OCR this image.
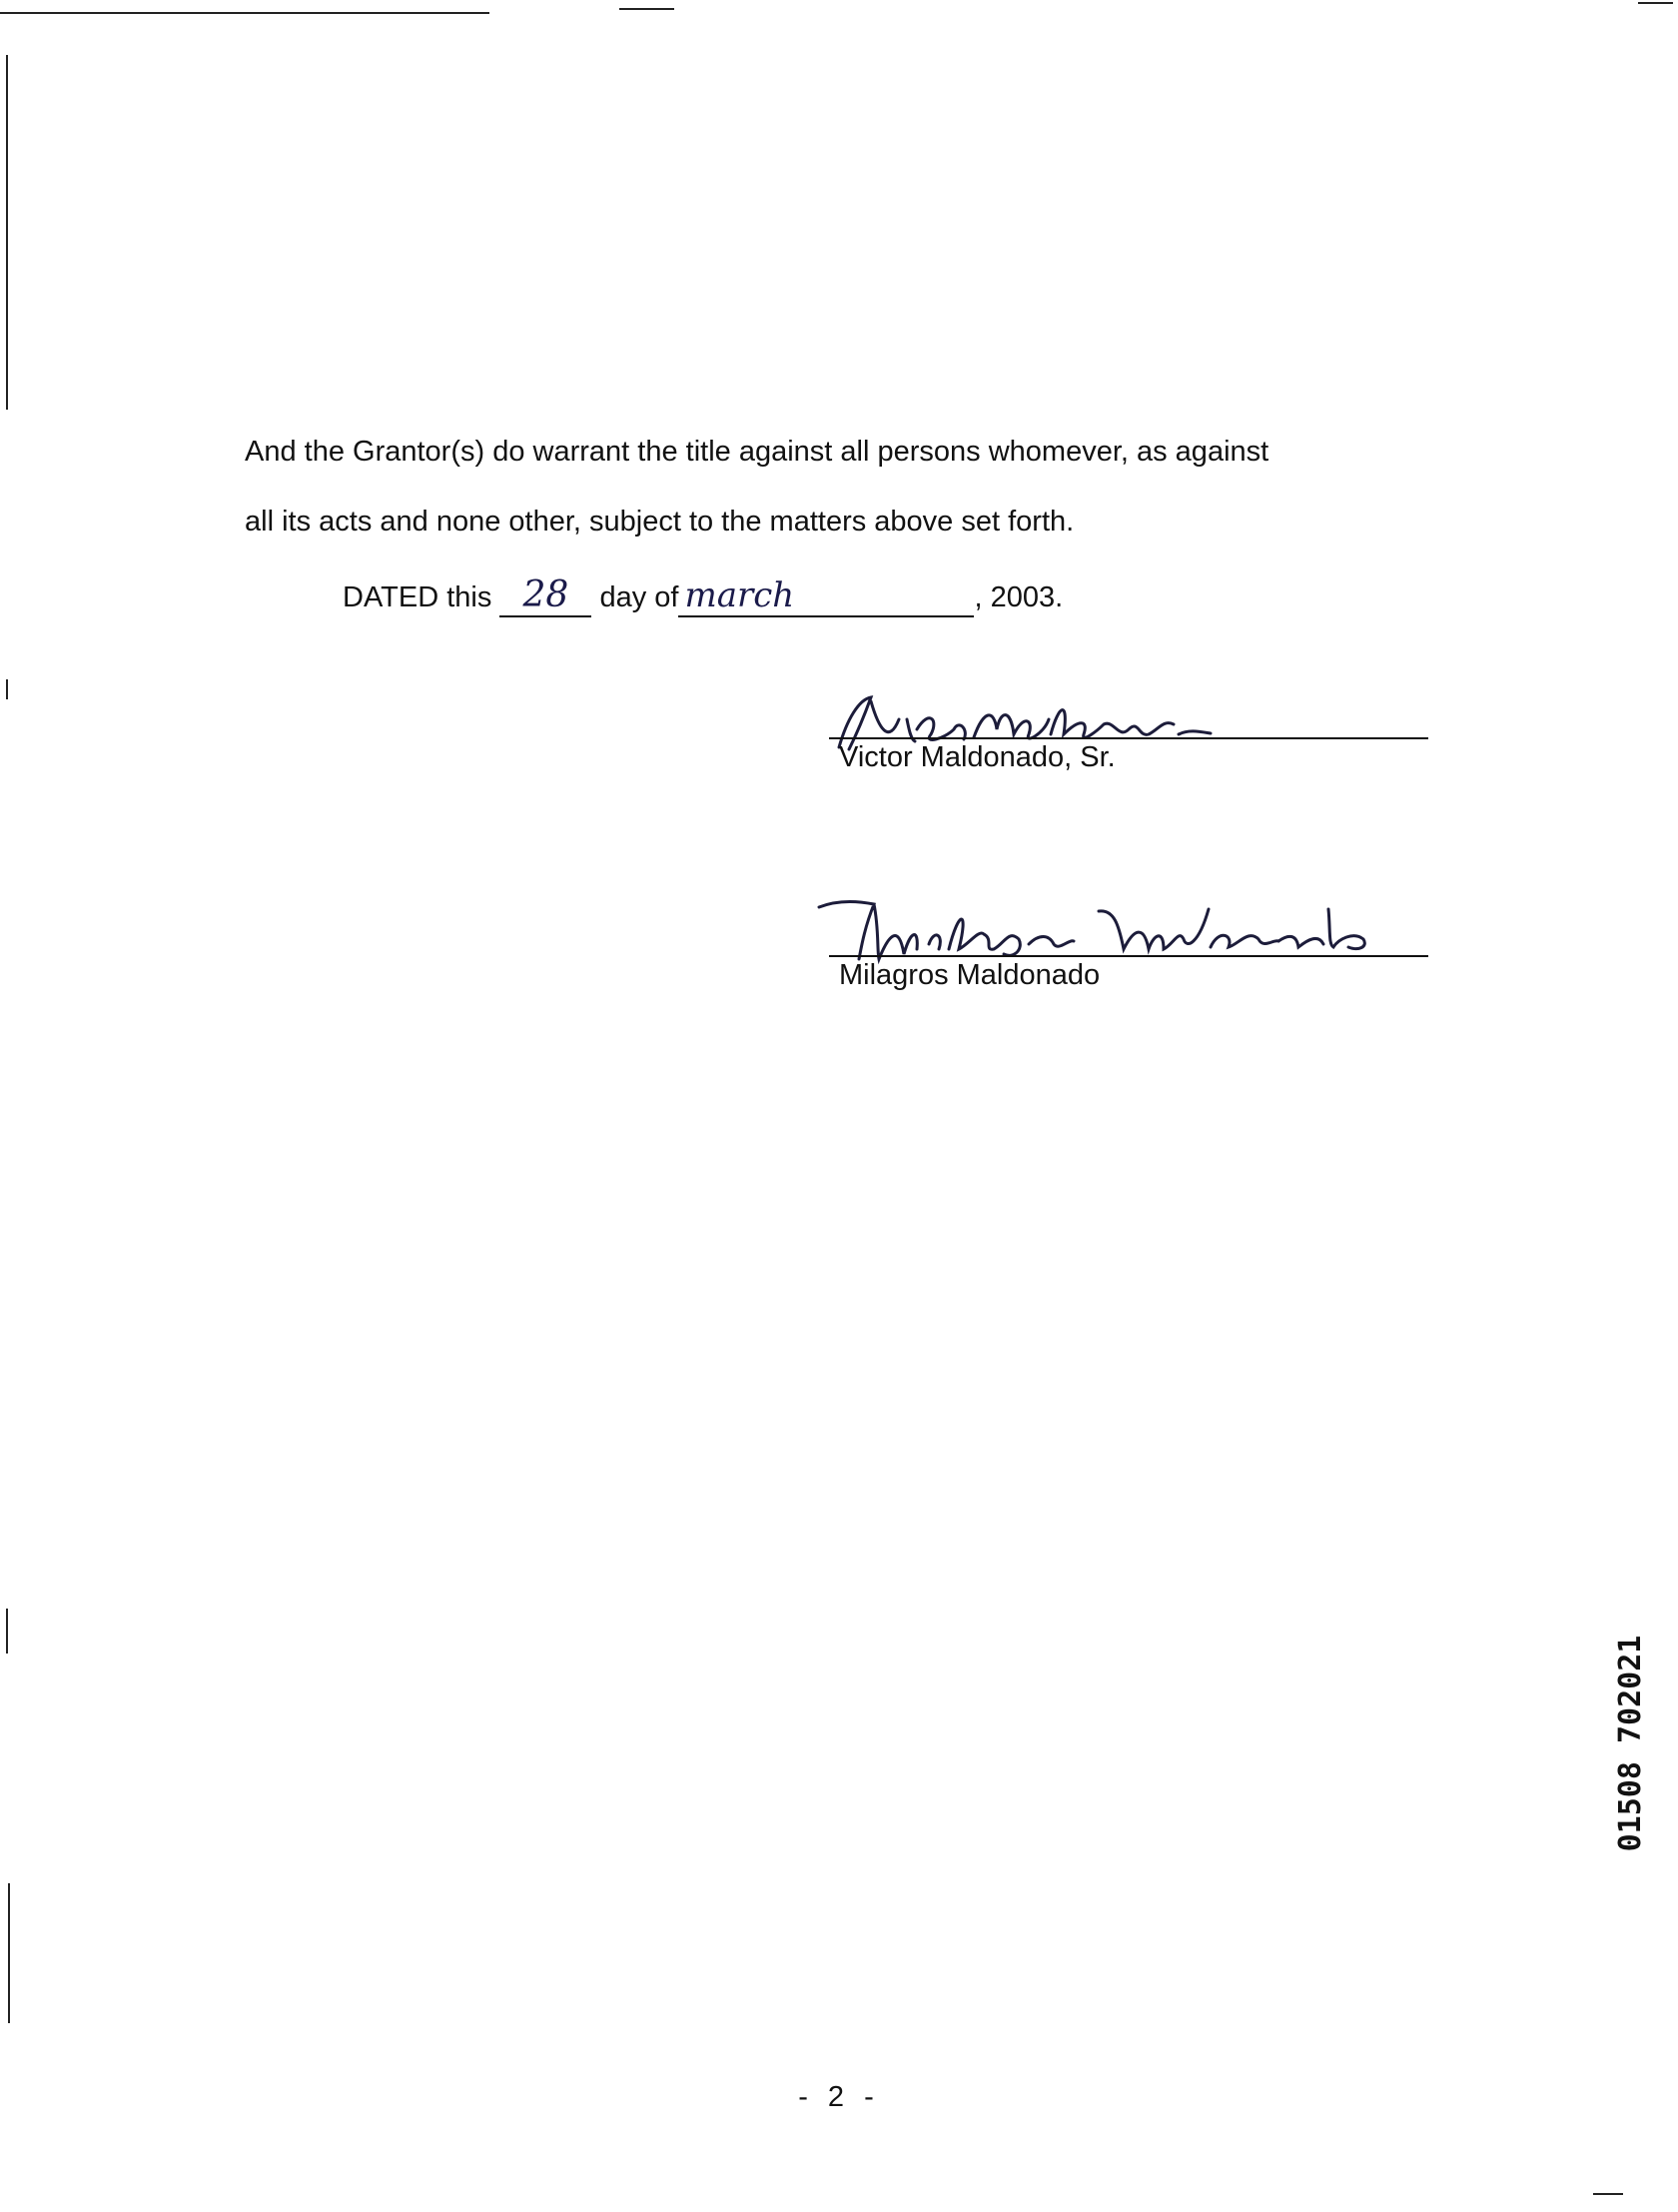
And the Grantor(s) do warrant the title against all persons whomever, as against
all its acts and none other, subject to the matters above set forth.
DATED this 28 day of march	, 2003.
Victor Maldonado, Sr.
Milagros Maldonado
01508 702021
- 2 -
